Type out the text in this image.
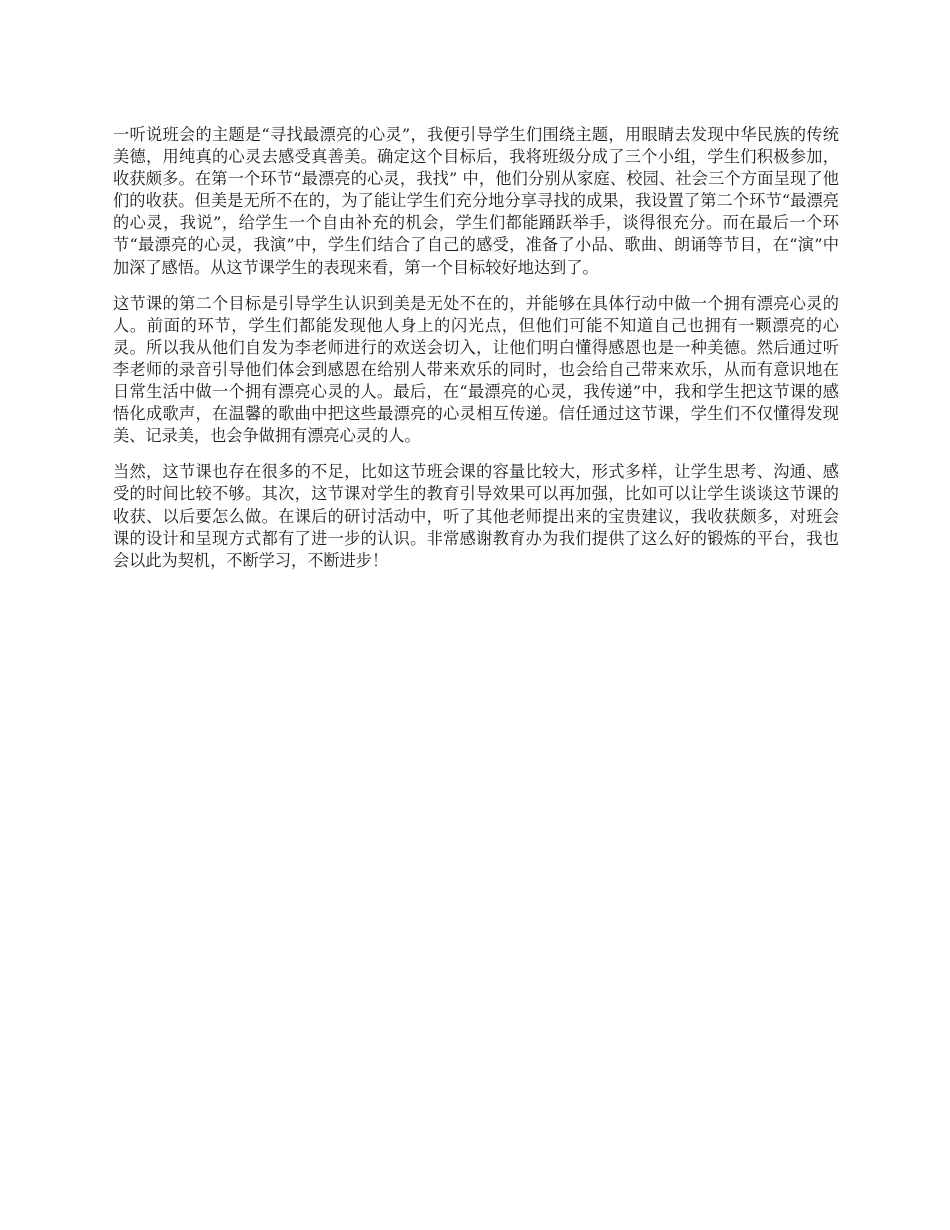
一听说班会的主题是“寻找最漂亮的心灵”，我便引导学生们围绕主题，用眼睛去发现中华民族的传统美德，用纯真的心灵去感受真善美。确定这个目标后，我将班级分成了三个小组，学生们积极参加，收获颇多。在第一个环节“最漂亮的心灵，我找” 中，他们分别从家庭、校园、社会三个方面呈现了他们的收获。但美是无所不在的，为了能让学生们充分地分享寻找的成果，我设置了第二个环节“最漂亮的心灵，我说”，给学生一个自由补充的机会，学生们都能踊跃举手，谈得很充分。而在最后一个环节“最漂亮的心灵，我演”中，学生们结合了自己的感受，准备了小品、歌曲、朗诵等节目，在“演”中加深了感悟。从这节课学生的表现来看，第一个目标较好地达到了。

这节课的第二个目标是引导学生认识到美是无处不在的，并能够在具体行动中做一个拥有漂亮心灵的人。前面的环节，学生们都能发现他人身上的闪光点，但他们可能不知道自己也拥有一颗漂亮的心灵。所以我从他们自发为李老师进行的欢送会切入，让他们明白懂得感恩也是一种美德。然后通过听李老师的录音引导他们体会到感恩在给别人带来欢乐的同时，也会给自己带来欢乐，从而有意识地在日常生活中做一个拥有漂亮心灵的人。最后，在“最漂亮的心灵，我传递”中，我和学生把这节课的感悟化成歌声，在温馨的歌曲中把这些最漂亮的心灵相互传递。信任通过这节课，学生们不仅懂得发现美、记录美，也会争做拥有漂亮心灵的人。

当然，这节课也存在很多的不足，比如这节班会课的容量比较大，形式多样，让学生思考、沟通、感受的时间比较不够。其次，这节课对学生的教育引导效果可以再加强，比如可以让学生谈谈这节课的收获、以后要怎么做。在课后的研讨活动中，听了其他老师提出来的宝贵建议，我收获颇多，对班会课的设计和呈现方式都有了进一步的认识。非常感谢教育办为我们提供了这么好的锻炼的平台，我也会以此为契机，不断学习，不断进步！
